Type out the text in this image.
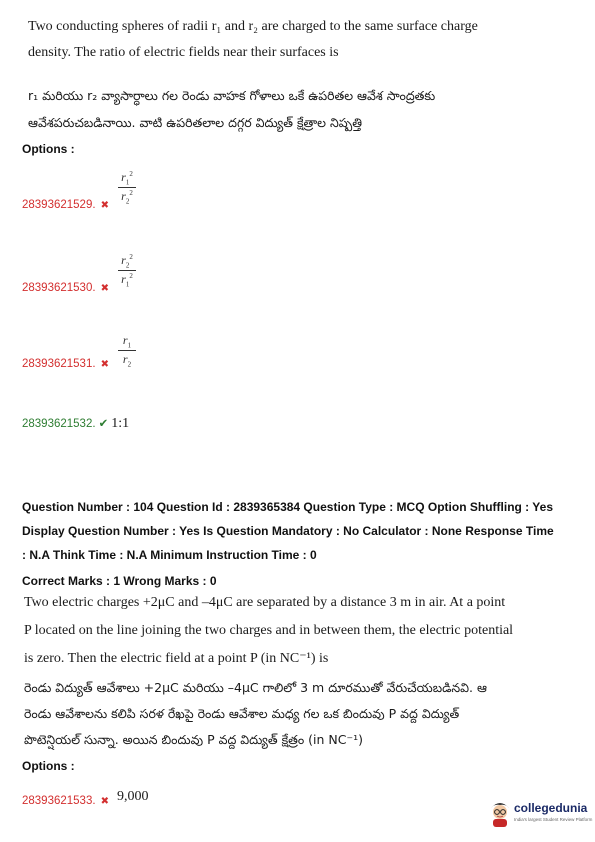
Two conducting spheres of radii r₁ and r₂ are charged to the same surface charge
density. The ratio of electric fields near their surfaces is
r₁ మరియు r₂ వ్యాసార్ధాలు గల రెండు వాహక గోళాలు ఒకే ఉపరితల ఆవేశ సాంద్రతకు
ఆవేశపరుచబడినాయి. వాటి ఉపరితలాల దగ్గర విద్యుత్ క్షేత్రాల నిష్పత్తి
Options :
28393621529. ✖
$r_1^2$
$r_2^2$
28393621530. ✖
$r_2^2$
$r_1^2$
28393621531. ✖
$r_1$
$r_2$
28393621532. ✔ 1:1
Question Number : 104 Question Id : 2839365384 Question Type : MCQ Option Shuffling : Yes
Display Question Number : Yes Is Question Mandatory : No Calculator : None Response Time
: N.A Think Time : N.A Minimum Instruction Time : 0
Correct Marks : 1 Wrong Marks : 0
Two electric charges +2μC and –4μC are separated by a distance 3 m in air. At a point
P located on the line joining the two charges and in between them, the electric potential
is zero. Then the electric field at a point P (in NC⁻¹) is
రెండు విద్యుత్ ఆవేశాలు +2μC మరియు –4μC గాలిలో 3 m దూరముతో వేరుచేయబడినవి. ఆ
రెండు ఆవేశాలను కలిపి సరళ రేఖపై రెండు ఆవేశాల మధ్య గల ఒక బిందువు P వద్ద విద్యుత్
పొటెన్షియల్ సున్నా. అయిన బిందువు P వద్ద విద్యుత్ క్షేత్రం (in NC⁻¹)
Options :
28393621533. ✖ 9,000
collegedunia
India's largest Student Review Platform
